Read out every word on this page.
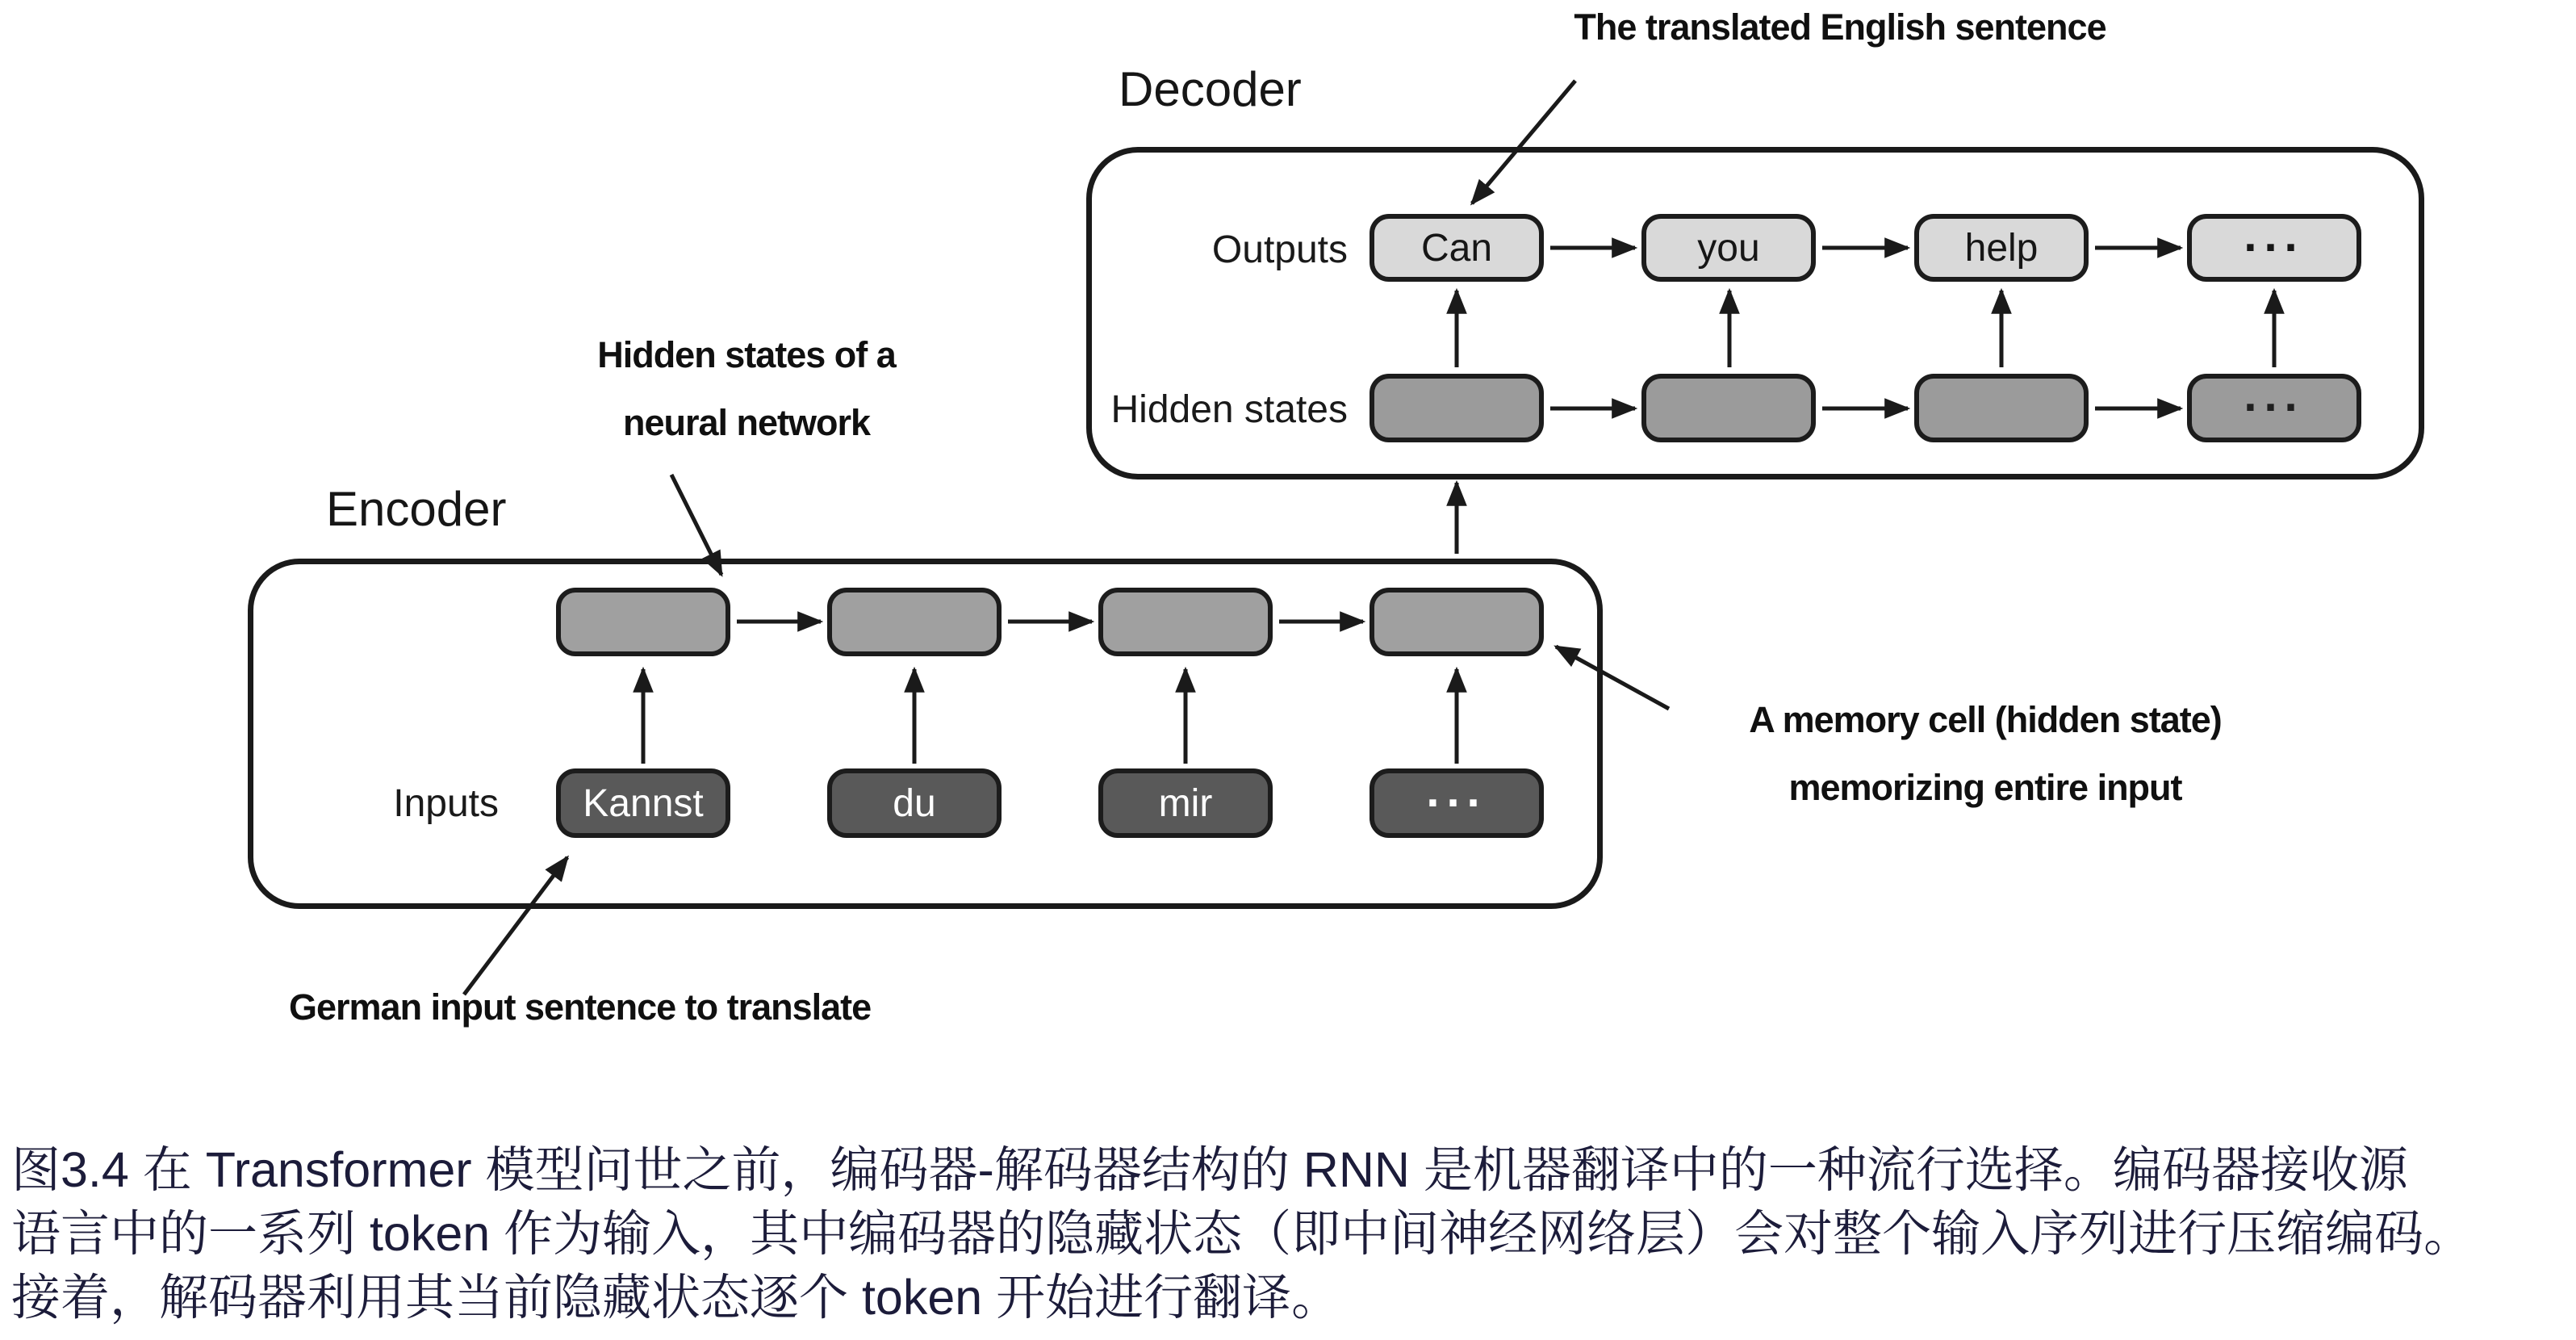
The translated English sentence
Hidden states of a
neural network
A memory cell (hidden state)
memorizing entire input
German input sentence to translate
Decoder
Outputs
Hidden states
Can	you	help	...
...
Encoder
Inputs Kannst	du	mir	...
图3.4 在 Transformer 模型问世之前，编码器-解码器结构的 RNN 是机器翻译中的一种流行选择。编码器接收源
语言中的一系列 token 作为输入，其中编码器的隐藏状态（即中间神经网络层）会对整个输入序列进行压缩编码。
接着，解码器利用其当前隐藏状态逐个 token 开始进行翻译。
